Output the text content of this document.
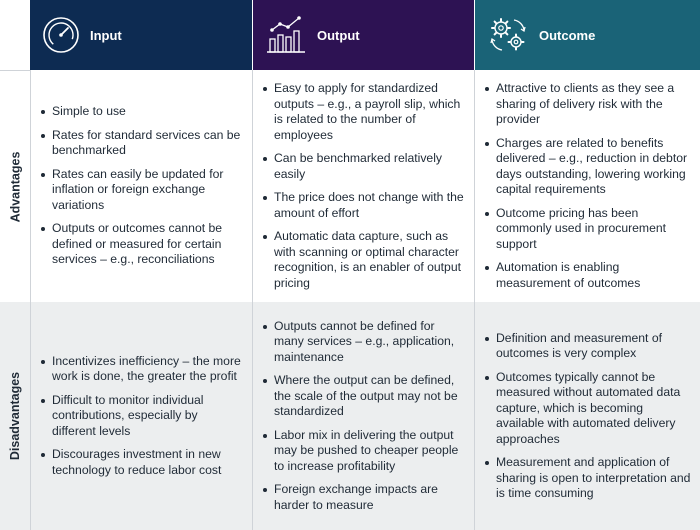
Input	Output	Outcome
Advantages
Simple to use
Rates for standard services can be benchmarked
Rates can easily be updated for inflation or foreign exchange variations
Outputs or outcomes cannot be defined or measured for certain services – e.g., reconciliations
Easy to apply for standardized outputs – e.g., a payroll slip, which is related to the number of employees
Can be benchmarked relatively easily
The price does not change with the amount of effort
Automatic data capture, such as with scanning or optimal character recognition, is an enabler of output pricing
Attractive to clients as they see a sharing of delivery risk with the provider
Charges are related to benefits delivered – e.g., reduction in debtor days outstanding, lowering working capital requirements
Outcome pricing has been commonly used in procurement support
Automation is enabling measurement of outcomes
Disadvantages
Incentivizes inefficiency – the more work is done, the greater the profit
Difficult to monitor individual contributions, especially by different levels
Discourages investment in new technology to reduce labor cost
Outputs cannot be defined for many services – e.g., application, maintenance
Where the output can be defined, the scale of the output may not be standardized
Labor mix in delivering the output may be pushed to cheaper people to increase profitability
Foreign exchange impacts are harder to measure
Definition and measurement of outcomes is very complex
Outcomes typically cannot be measured without automated data capture, which is becoming available with automated delivery approaches
Measurement and application of sharing is open to interpretation and is time consuming
